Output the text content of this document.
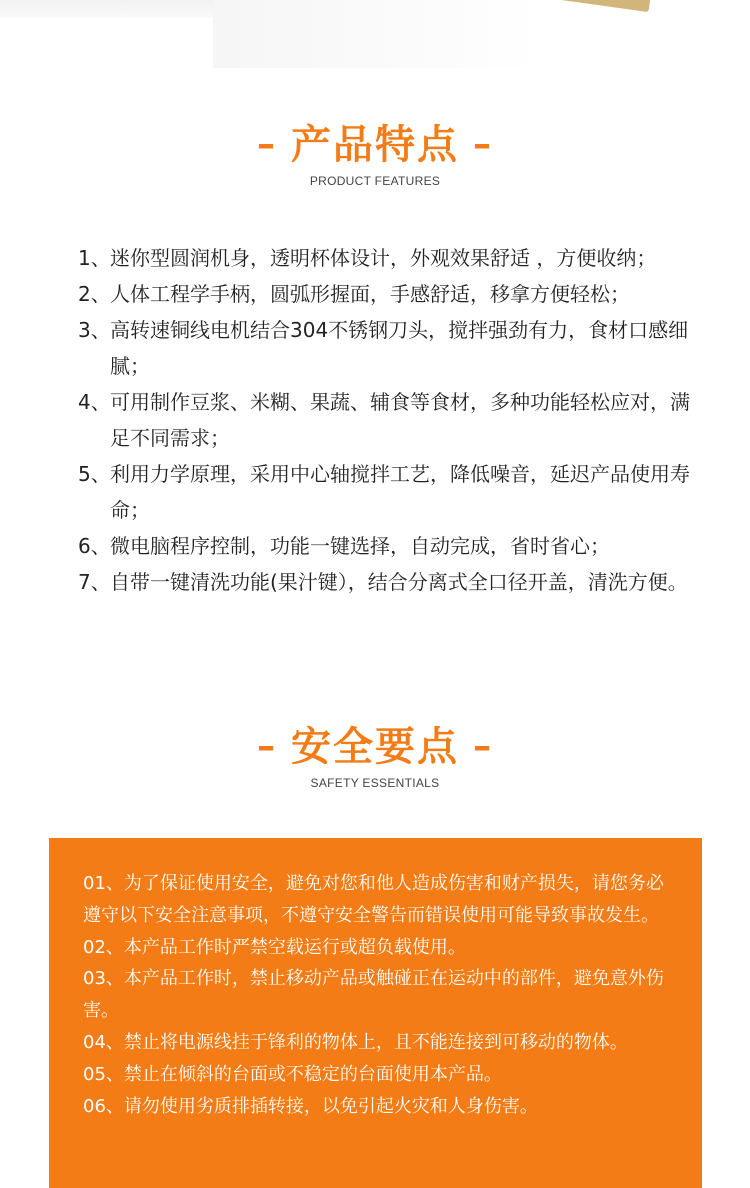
– 产品特点 –
PRODUCT FEATURES
1、 迷你型圆润机身，透明杯体设计，外观效果舒适 ，方便收纳；
2、 人体工程学手柄，圆弧形握面，手感舒适，移拿方便轻松；
3、 高转速铜线电机结合304不锈钢刀头，搅拌强劲有力，食材口感细腻；
4、 可用制作豆浆、米糊、果蔬、辅食等食材，多种功能轻松应对，满足不同需求；
5、 利用力学原理，采用中心轴搅拌工艺，降低噪音，延迟产品使用寿命；
6、 微电脑程序控制，功能一键选择，自动完成，省时省心；
7、 自带一键清洗功能(果汁键），结合分离式全口径开盖，清洗方便。
– 安全要点 –
SAFETY ESSENTIALS
01、为了保证使用安全，避免对您和他人造成伤害和财产损失，请您务必遵守以下安全注意事项，不遵守安全警告而错误使用可能导致事故发生。
02、本产品工作时严禁空载运行或超负载使用。
03、本产品工作时，禁止移动产品或触碰正在运动中的部件，避免意外伤害。
04、禁止将电源线挂于锋利的物体上，且不能连接到可移动的物体。
05、禁止在倾斜的台面或不稳定的台面使用本产品。
06、请勿使用劣质排插转接，以免引起火灾和人身伤害。
